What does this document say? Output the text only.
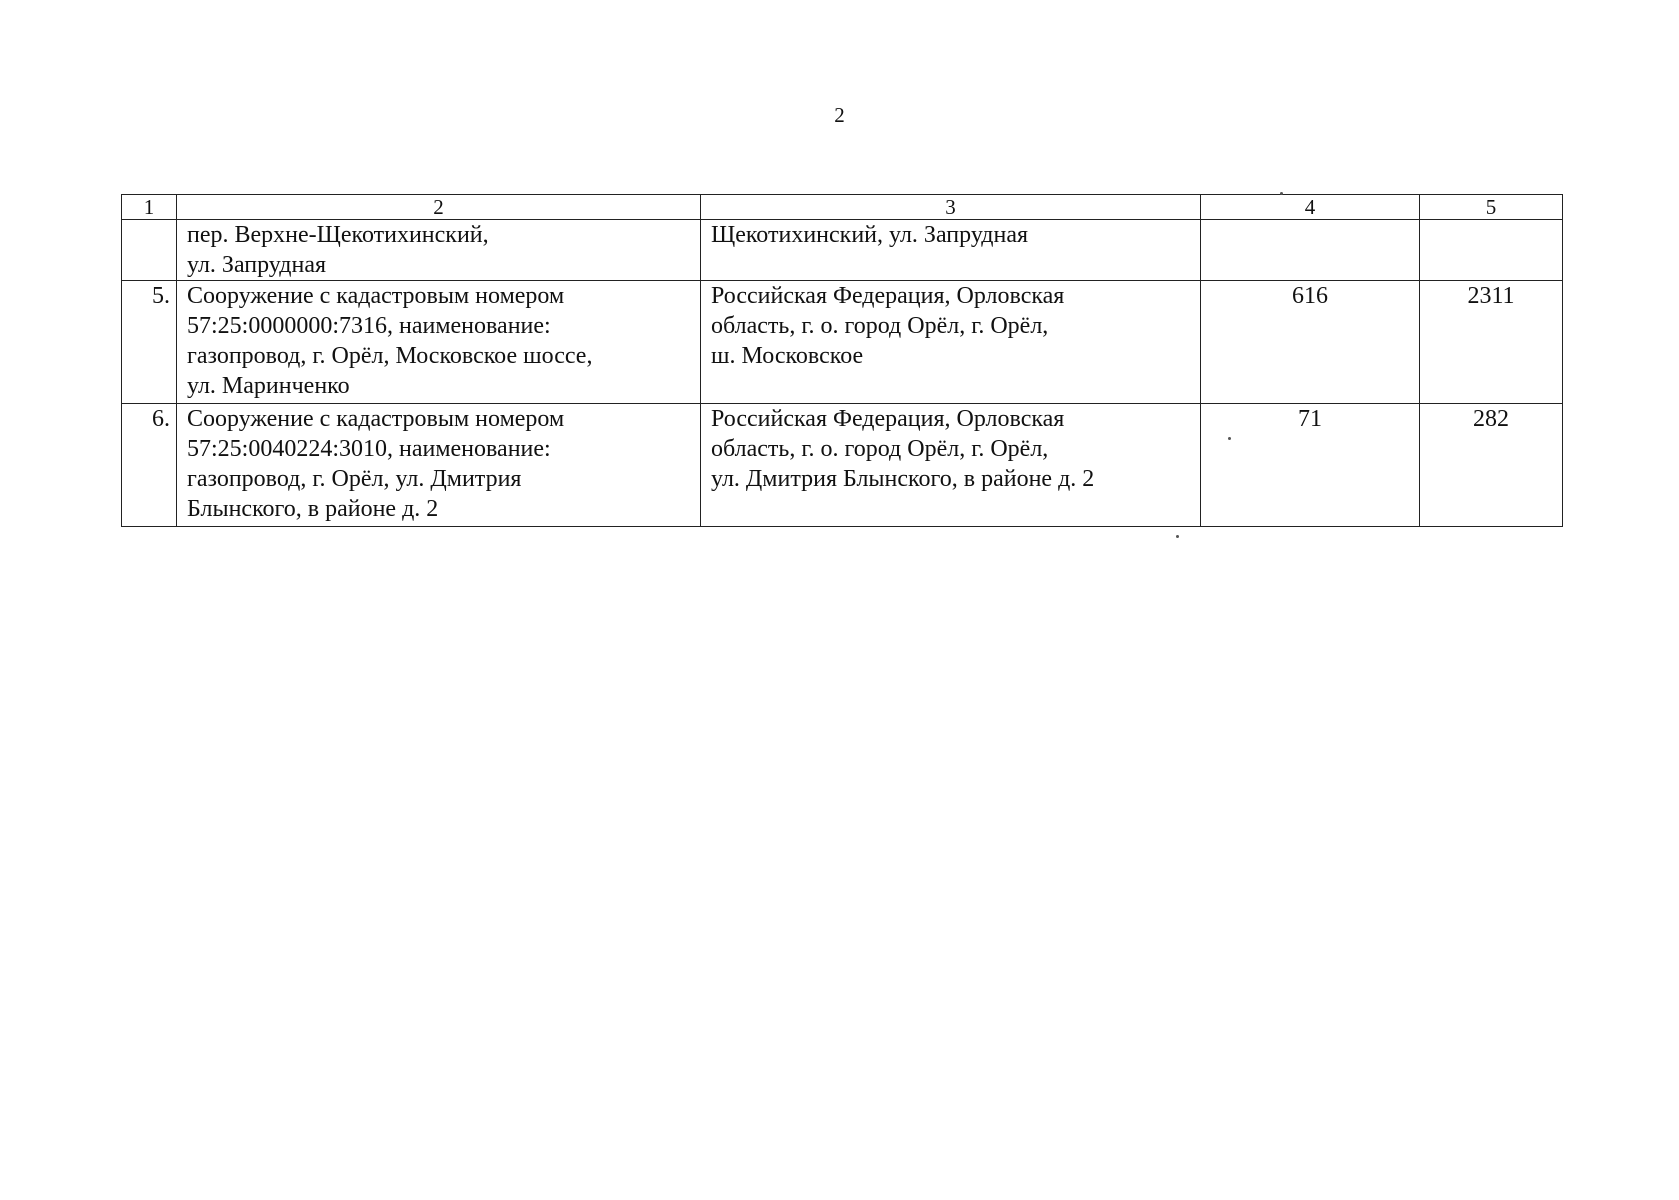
2
1	2	3	4	5

	пер. Верхне-Щекотихинский,
ул. Запрудная	Щекотихинский, ул. Запрудная		

5.	Сооружение с кадастровым номером
57:25:0000000:7316, наименование:
газопровод, г. Орёл, Московское шоссе,
ул. Маринченко	Российская Федерация, Орловская
область, г. о. город Орёл, г. Орёл,
ш. Московское	616	2311
6.	Сооружение с кадастровым номером
57:25:0040224:3010, наименование:
газопровод, г. Орёл, ул. Дмитрия
Блынского, в районе д. 2	Российская Федерация, Орловская
область, г. о. город Орёл, г. Орёл,
ул. Дмитрия Блынского, в районе д. 2	71	282
